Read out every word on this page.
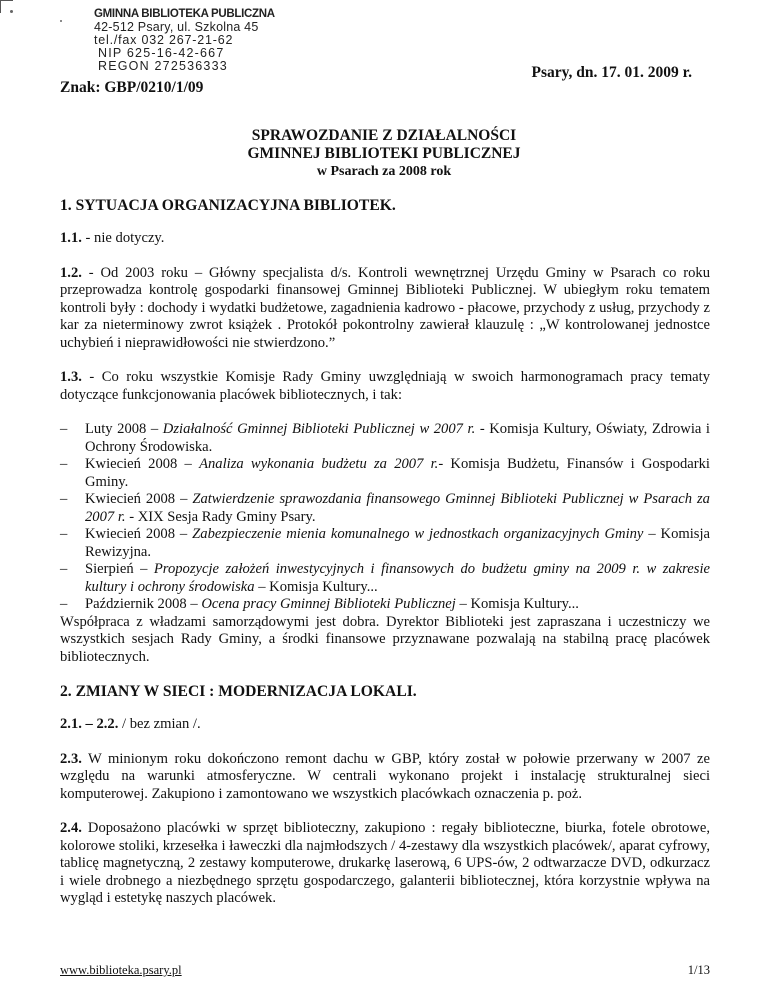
GMINNA BIBLIOTEKA PUBLICZNA
42-512 Psary, ul. Szkolna 45
tel./fax 032 267-21-62
NIP 625-16-42-667
REGON 272536333	Psary, dn. 17. 01. 2009 r.
Znak: GBP/0210/1/09
SPRAWOZDANIE Z DZIAŁALNOŚCI
GMINNEJ BIBLIOTEKI PUBLICZNEJ
w Psarach za 2008 rok
1. SYTUACJA ORGANIZACYJNA BIBLIOTEK.

1.1. - nie dotyczy.

1.2. - Od 2003 roku – Główny specjalista d/s. Kontroli wewnętrznej Urzędu Gminy w Psarach co roku przeprowadza kontrolę gospodarki finansowej Gminnej Biblioteki Publicznej. W ubiegłym roku tematem kontroli były : dochody i wydatki budżetowe, zagadnienia kadrowo - płacowe, przychody z usług, przychody z kar za nieterminowy zwrot książek . Protokół pokontrolny zawierał klauzulę : „W kontrolowanej jednostce uchybień i nieprawidłowości nie stwierdzono.”

1.3. - Co roku wszystkie Komisje Rady Gminy uwzględniają w swoich harmonogramach pracy tematy dotyczące funkcjonowania placówek bibliotecznych, i tak:

– Luty 2008 – Działalność Gminnej Biblioteki Publicznej w 2007 r. - Komisja Kultury, Oświaty, Zdrowia i Ochrony Środowiska.
– Kwiecień 2008 – Analiza wykonania budżetu za 2007 r.- Komisja Budżetu, Finansów i Gospodarki Gminy.
– Kwiecień 2008 – Zatwierdzenie sprawozdania finansowego Gminnej Biblioteki Publicznej w Psarach za 2007 r. - XIX Sesja Rady Gminy Psary.
– Kwiecień 2008 – Zabezpieczenie mienia komunalnego w jednostkach organizacyjnych Gminy – Komisja Rewizyjna.
– Sierpień – Propozycje założeń inwestycyjnych i finansowych do budżetu gminy na 2009 r. w zakresie kultury i ochrony środowiska – Komisja Kultury...
– Październik 2008 – Ocena pracy Gminnej Biblioteki Publicznej – Komisja Kultury...

Współpraca z władzami samorządowymi jest dobra. Dyrektor Biblioteki jest zapraszana i uczestniczy we wszystkich sesjach Rady Gminy, a środki finansowe przyznawane pozwalają na stabilną pracę placówek bibliotecznych.

2. ZMIANY W SIECI : MODERNIZACJA LOKALI.

2.1. – 2.2. / bez zmian /.

2.3. W minionym roku dokończono remont dachu w GBP, który został w połowie przerwany w 2007 ze względu na warunki atmosferyczne. W centrali wykonano projekt i instalację strukturalnej sieci komputerowej. Zakupiono i zamontowano we wszystkich placówkach oznaczenia p. poż.

2.4. Doposażono placówki w sprzęt biblioteczny, zakupiono : regały biblioteczne, biurka, fotele obrotowe, kolorowe stoliki, krzesełka i ławeczki dla najmłodszych / 4-zestawy dla wszystkich placówek/, aparat cyfrowy, tablicę magnetyczną, 2 zestawy komputerowe, drukarkę laserową, 6 UPS-ów, 2 odtwarzacze DVD, odkurzacz i wiele drobnego a niezbędnego sprzętu gospodarczego, galanterii bibliotecznej, która korzystnie wpływa na wygląd i estetykę naszych placówek.

www.biblioteka.psary.pl	1/13
